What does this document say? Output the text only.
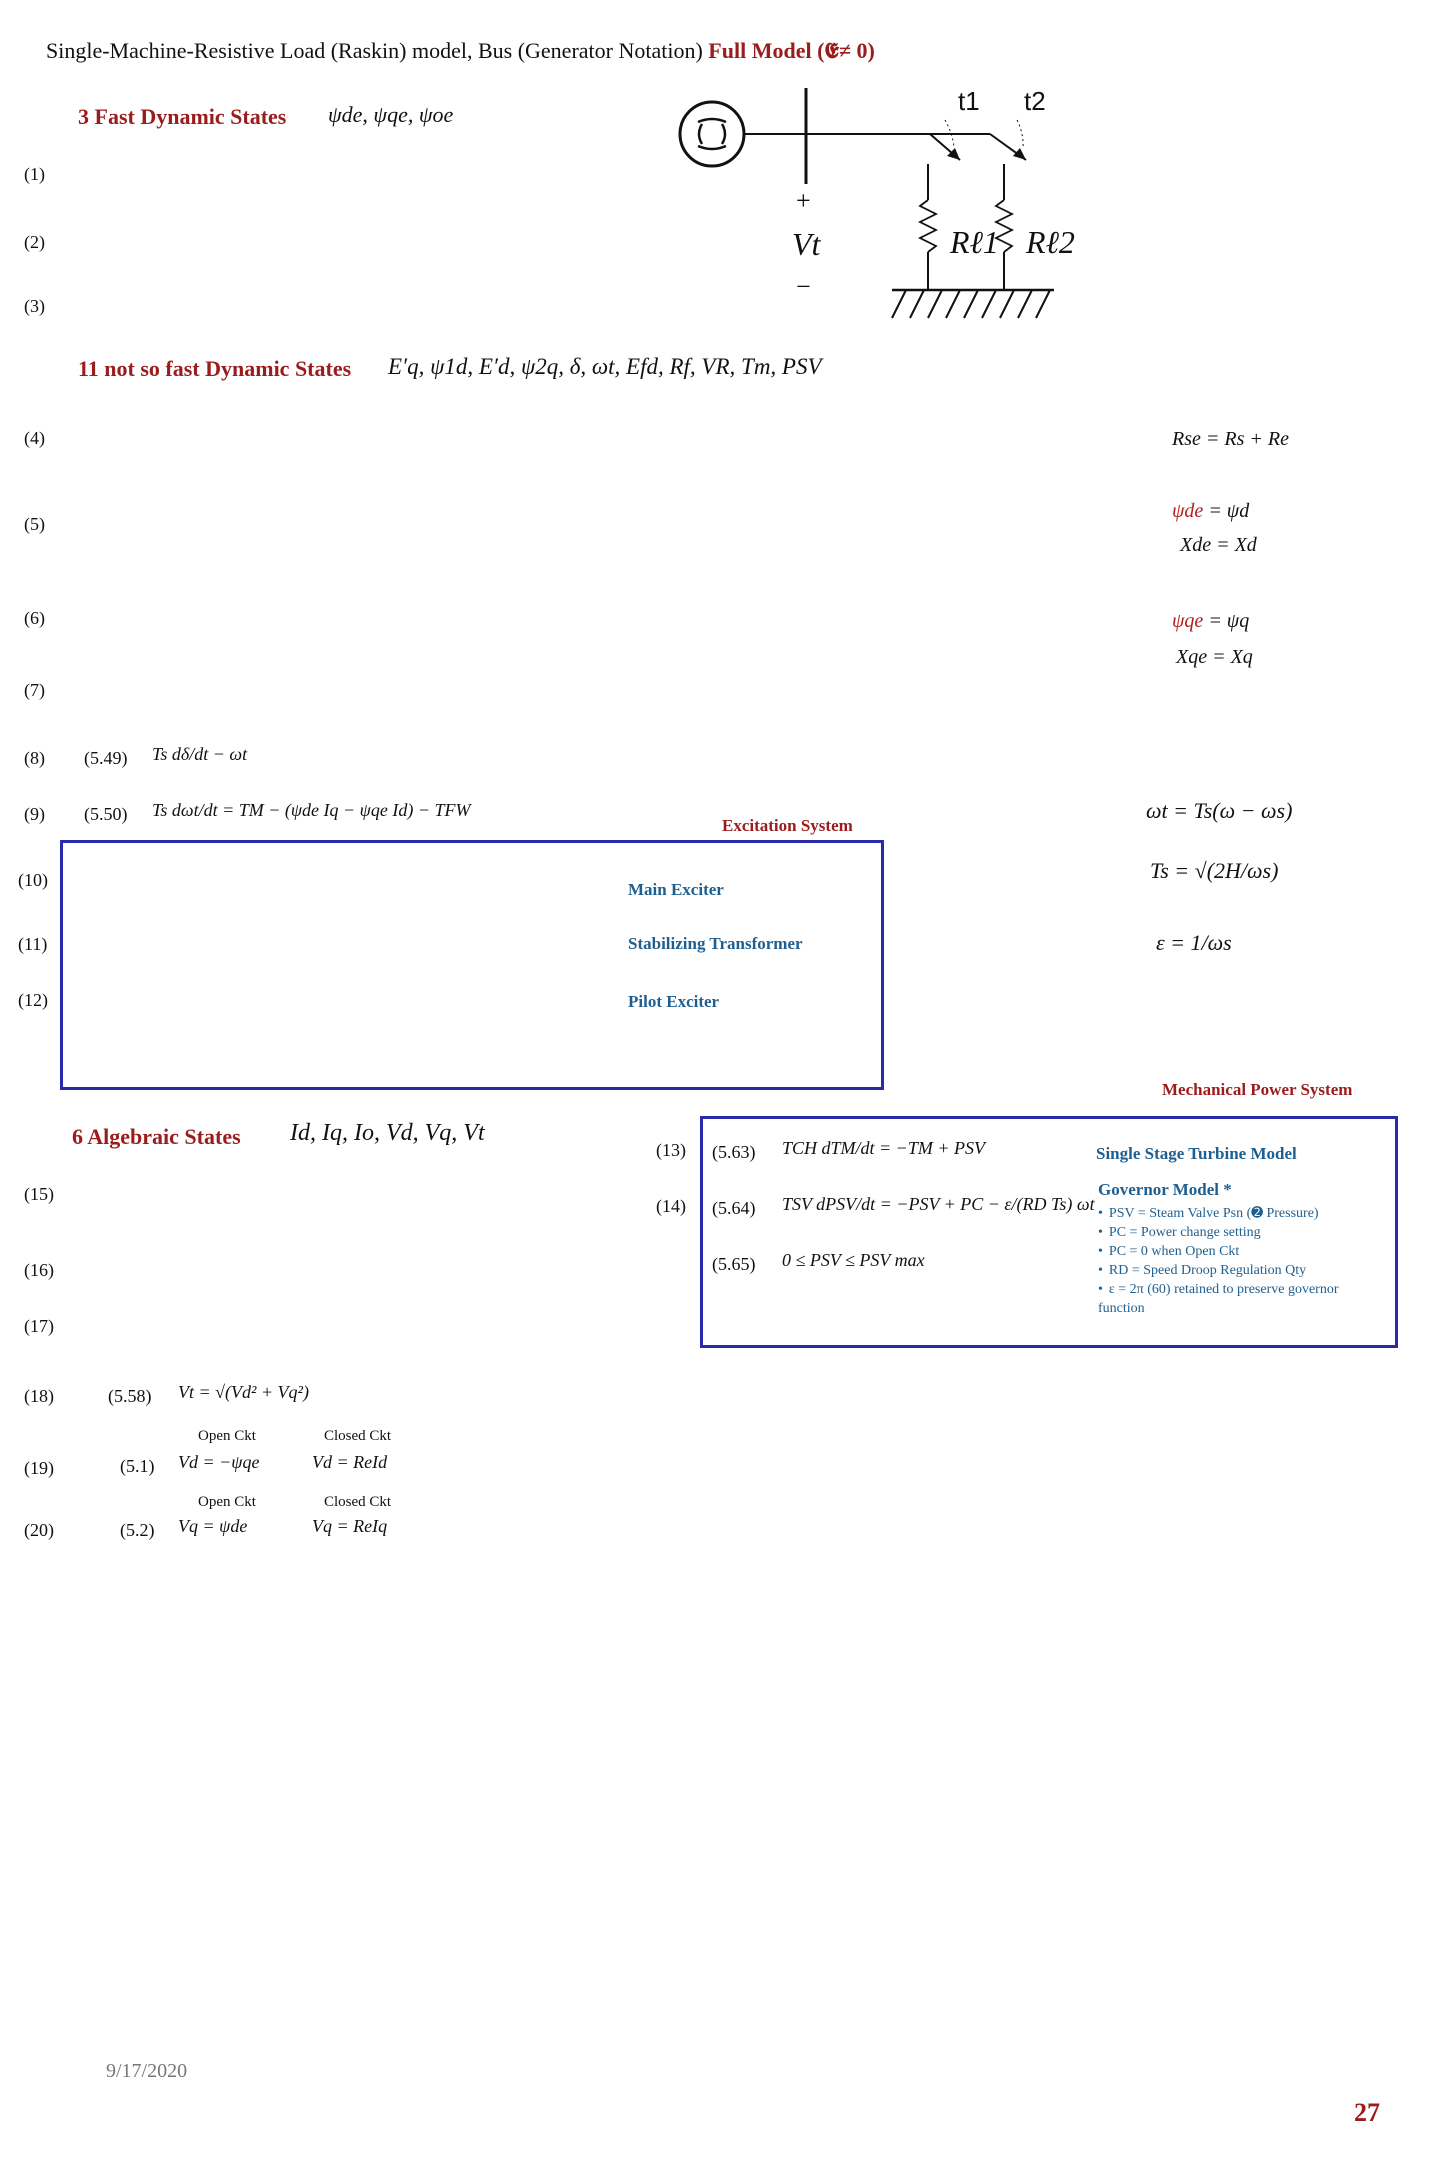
Single-Machine-Resistive Load (Raskin) model, Bus (Generator Notation) Full Model (𝕰≠ 0)
3 Fast Dynamic States ψde, ψqe, ψoe	t1 t2
+
Vt
−
Rℓ1 Rℓ2
11 not so fast Dynamic States E′q, ψ1d, E′d, ψ2q, δ, ωt, Efd, Rf, VR, Tm, PSV
(1)
(2)
(3)
(4)
(5)
(6)
(7)
(8)
(9)
(10)
(11)
(12)
(15)
(16)
(17)
(18)
(19)
(20)
(5.49) Ts dδ/dt − ωt
(5.50) Ts dωt/dt = TM − (ψde Iq − ψqe Id) − TFW
Rse = Rs + Re
ψde = ψd
Xde = Xd
ψqe = ψq
Xqe = Xq
ωt = Ts(ω − ωs)
Ts = √(2H/ωs)
ε = 1/ωs
Excitation System
Main Exciter
Stabilizing Transformer
Pilot Exciter
Mechanical Power System
(13)
(14)
(5.63) TCH dTM/dt = −TM + PSV
(5.64) TSV dPSV/dt = −PSV + PC − ε/(RD Ts) ωt
(5.65) 0 ≤ PSV ≤ PSV max
Single Stage Turbine Model
Governor Model *
• PSV = Steam Valve Psn (➋ Pressure)
• PC = Power change setting
• PC = 0 when Open Ckt
• RD = Speed Droop Regulation Qty
• ε = 2π (60) retained to preserve governor function
6 Algebraic States Id, Iq, Io, Vd, Vq, Vt
(5.58) Vt = √(Vd² + Vq²)
Open Ckt	Closed Ckt
(5.1) Vd = −ψqe	Vd = ReId
Open Ckt	Closed Ckt
(5.2) Vq = ψde	Vq = ReIq
9/17/2020
27
